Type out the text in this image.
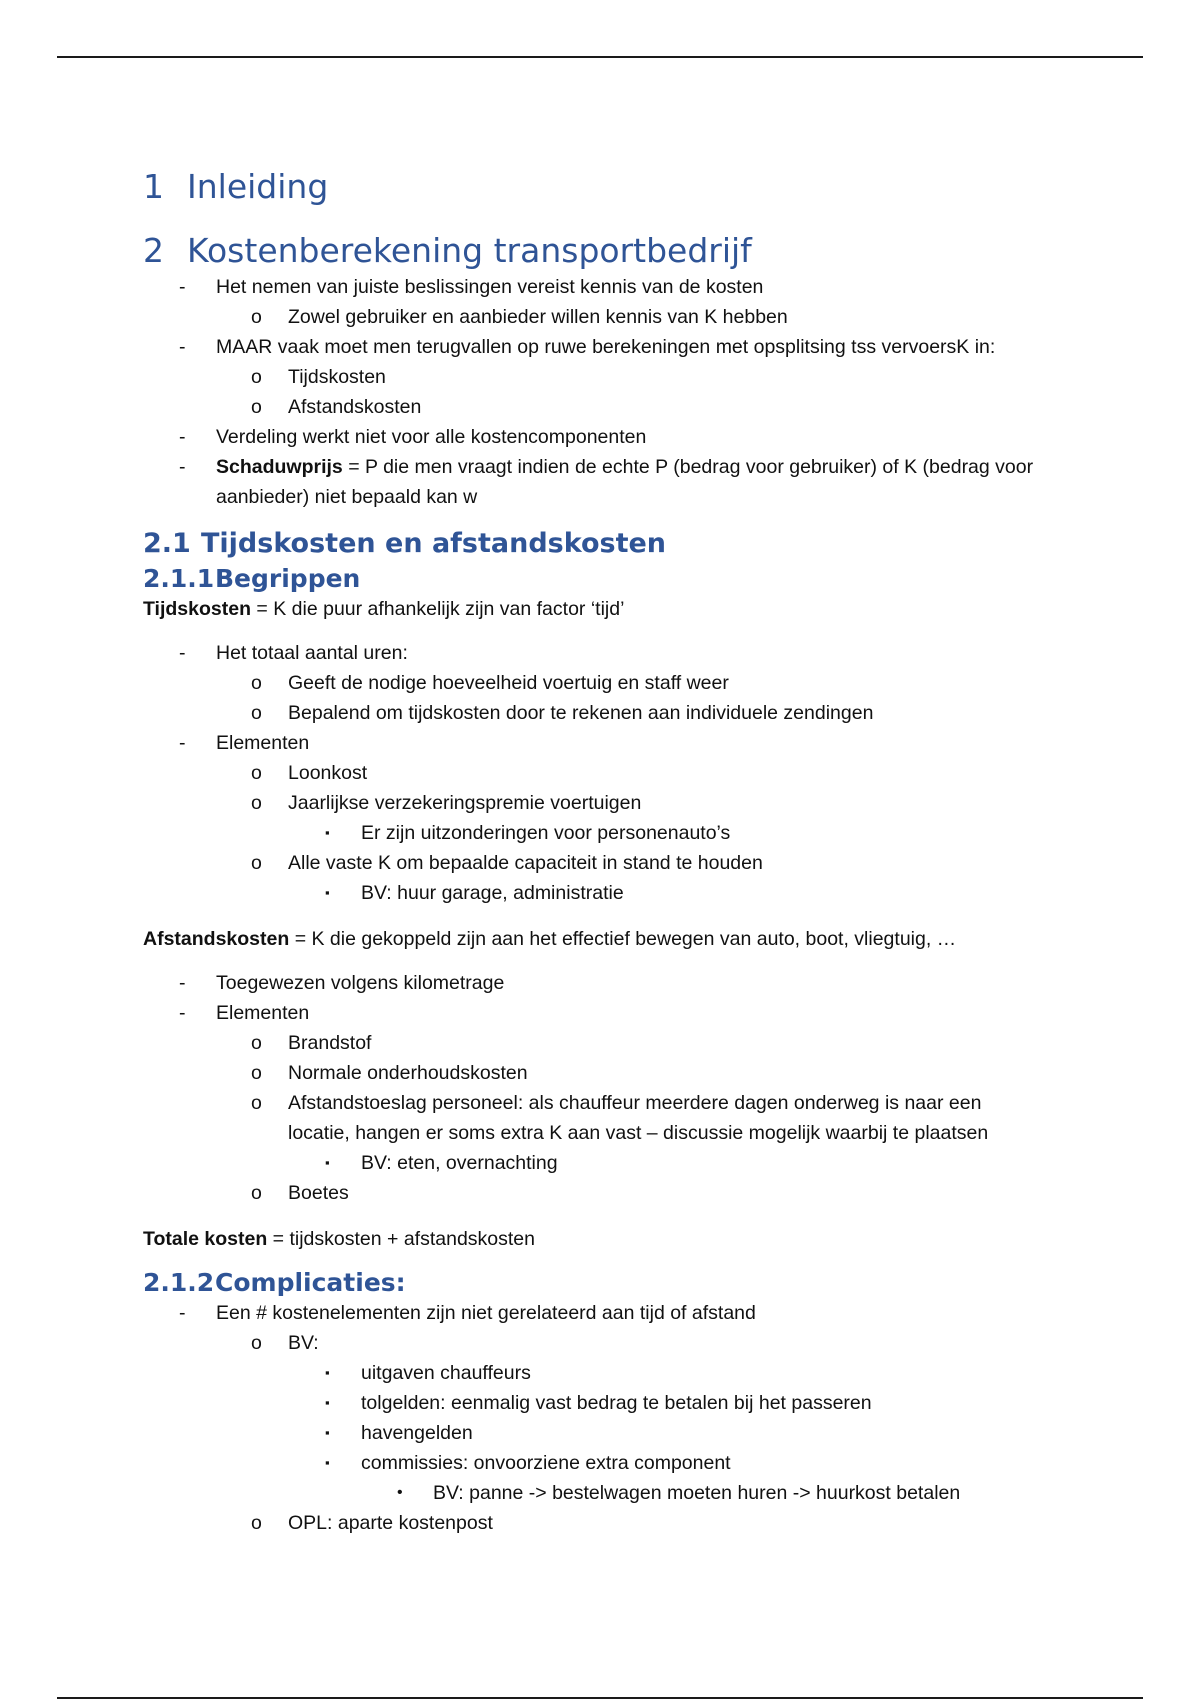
1 Inleiding
2 Kostenberekening transportbedrijf
- Het nemen van juiste beslissingen vereist kennis van de kosten
o Zowel gebruiker en aanbieder willen kennis van K hebben
- MAAR vaak moet men terugvallen op ruwe berekeningen met opsplitsing tss vervoersK in:
o Tijdskosten
o Afstandskosten
- Verdeling werkt niet voor alle kostencomponenten
- Schaduwprijs = P die men vraagt indien de echte P (bedrag voor gebruiker) of K (bedrag voor
aanbieder) niet bepaald kan w
2.1 Tijdskosten en afstandskosten
2.1.1 Begrippen
Tijdskosten = K die puur afhankelijk zijn van factor ‘tijd’
- Het totaal aantal uren:
o Geeft de nodige hoeveelheid voertuig en staff weer
o Bepalend om tijdskosten door te rekenen aan individuele zendingen
- Elementen
o Loonkost
o Jaarlijkse verzekeringspremie voertuigen
▪ Er zijn uitzonderingen voor personenauto’s
o Alle vaste K om bepaalde capaciteit in stand te houden
▪ BV: huur garage, administratie
Afstandskosten = K die gekoppeld zijn aan het effectief bewegen van auto, boot, vliegtuig, …
- Toegewezen volgens kilometrage
- Elementen
o Brandstof
o Normale onderhoudskosten
o Afstandstoeslag personeel: als chauffeur meerdere dagen onderweg is naar een
locatie, hangen er soms extra K aan vast – discussie mogelijk waarbij te plaatsen
▪ BV: eten, overnachting
o Boetes
Totale kosten = tijdskosten + afstandskosten
2.1.2 Complicaties:
- Een # kostenelementen zijn niet gerelateerd aan tijd of afstand
o BV:
▪ uitgaven chauffeurs
▪ tolgelden: eenmalig vast bedrag te betalen bij het passeren
▪ havengelden
▪ commissies: onvoorziene extra component
• BV: panne -> bestelwagen moeten huren -> huurkost betalen
o OPL: aparte kostenpost
